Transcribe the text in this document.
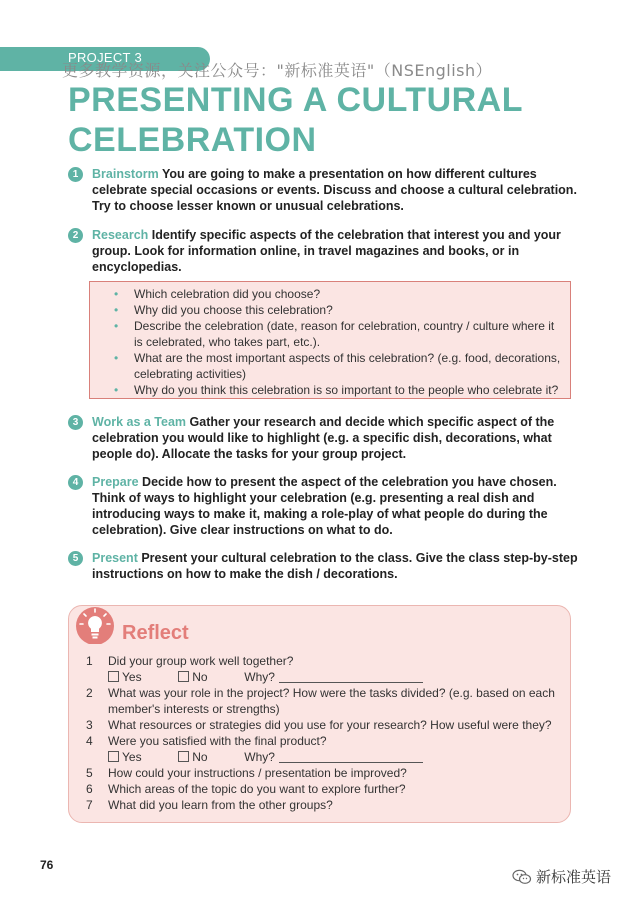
PROJECT 3
更多教学资源，关注公众号："新标准英语"（NSEnglish）
PRESENTING A CULTURAL CELEBRATION
1	Brainstorm You are going to make a presentation on how different cultures celebrate special occasions or events. Discuss and choose a cultural celebration. Try to choose lesser known or unusual celebrations.
2	Research Identify specific aspects of the celebration that interest you and your group. Look for information online, in travel magazines and books, or in encyclopedias.
• Which celebration did you choose?
• Why did you choose this celebration?
• Describe the celebration (date, reason for celebration, country / culture where it is celebrated, who takes part, etc.).
• What are the most important aspects of this celebration? (e.g. food, decorations, celebrating activities)
• Why do you think this celebration is so important to the people who celebrate it?
3	Work as a Team Gather your research and decide which specific aspect of the celebration you would like to highlight (e.g. a specific dish, decorations, what people do). Allocate the tasks for your group project.
4	Prepare Decide how to present the aspect of the celebration you have chosen. Think of ways to highlight your celebration (e.g. presenting a real dish and introducing ways to make it, making a role-play of what people do during the celebration). Give clear instructions on what to do.
5	Present Present your cultural celebration to the class. Give the class step-by-step instructions on how to make the dish / decorations.
Reflect
1 Did your group work well together?
Yes	No	Why?
2 What was your role in the project? How were the tasks divided? (e.g. based on each member's interests or strengths)
3 What resources or strategies did you use for your research? How useful were they?
4 Were you satisfied with the final product?
Yes	No	Why?
5 How could your instructions / presentation be improved?
6 Which areas of the topic do you want to explore further?
7 What did you learn from the other groups?
76
新标准英语
